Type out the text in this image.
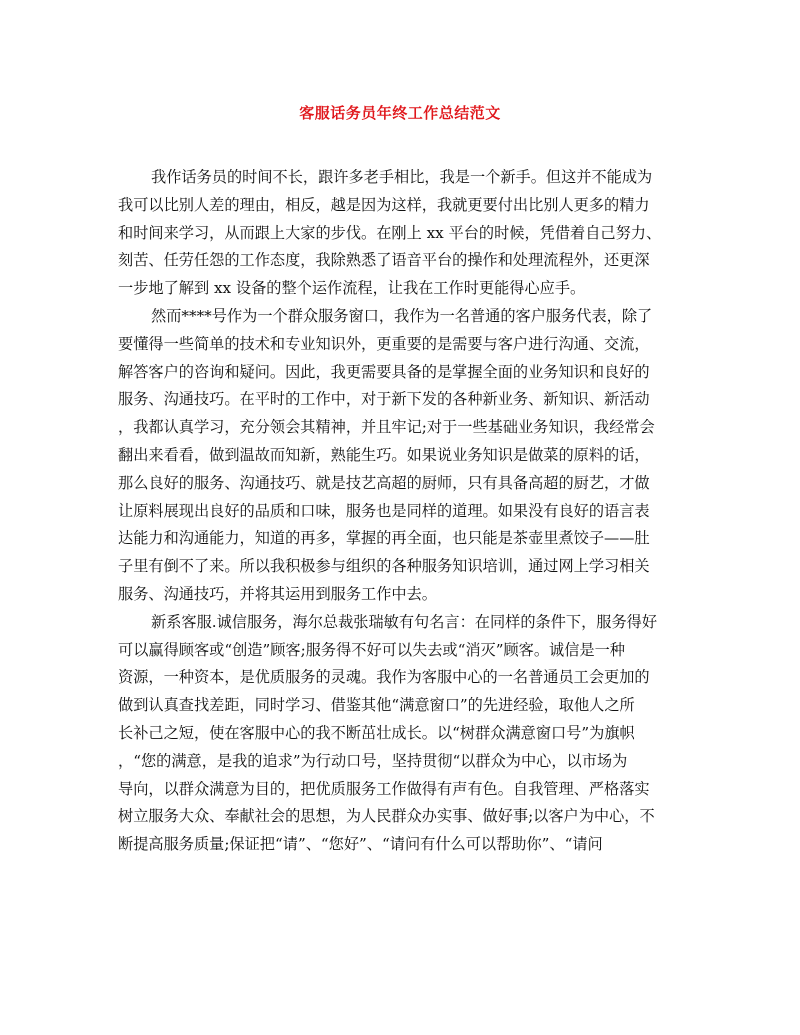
客服话务员年终工作总结范文
我作话务员的时间不长，跟许多老手相比，我是一个新手。但这并不能成为
我可以比别人差的理由，相反，越是因为这样，我就更要付出比别人更多的精力
和时间来学习，从而跟上大家的步伐。在刚上 xx 平台的时候，凭借着自己努力、
刻苦、任劳任怨的工作态度，我除熟悉了语音平台的操作和处理流程外，还更深
一步地了解到 xx 设备的整个运作流程，让我在工作时更能得心应手。
然而****号作为一个群众服务窗口，我作为一名普通的客户服务代表，除了
要懂得一些简单的技术和专业知识外，更重要的是需要与客户进行沟通、交流，
解答客户的咨询和疑问。因此，我更需要具备的是掌握全面的业务知识和良好的
服务、沟通技巧。在平时的工作中，对于新下发的各种新业务、新知识、新活动
，我都认真学习，充分领会其精神，并且牢记;对于一些基础业务知识，我经常会
翻出来看看，做到温故而知新，熟能生巧。如果说业务知识是做菜的原料的话，
那么良好的服务、沟通技巧、就是技艺高超的厨师，只有具备高超的厨艺，才做
让原料展现出良好的品质和口味，服务也是同样的道理。如果没有良好的语言表
达能力和沟通能力，知道的再多，掌握的再全面，也只能是茶壶里煮饺子——肚
子里有倒不了来。所以我积极参与组织的各种服务知识培训，通过网上学习相关
服务、沟通技巧，并将其运用到服务工作中去。
新系客服.诚信服务，海尔总裁张瑞敏有句名言：在同样的条件下，服务得好
可以赢得顾客或“创造”顾客;服务得不好可以失去或“消灭”顾客。诚信是一种
资源，一种资本，是优质服务的灵魂。我作为客服中心的一名普通员工会更加的
做到认真查找差距，同时学习、借鉴其他“满意窗口”的先进经验，取他人之所
长补己之短，使在客服中心的我不断茁壮成长。以“树群众满意窗口号”为旗帜
，“您的满意，是我的追求”为行动口号，坚持贯彻“以群众为中心，以市场为
导向，以群众满意为目的，把优质服务工作做得有声有色。自我管理、严格落实
树立服务大众、奉献社会的思想，为人民群众办实事、做好事;以客户为中心，不
断提高服务质量;保证把“请”、“您好”、“请问有什么可以帮助你”、“请问
